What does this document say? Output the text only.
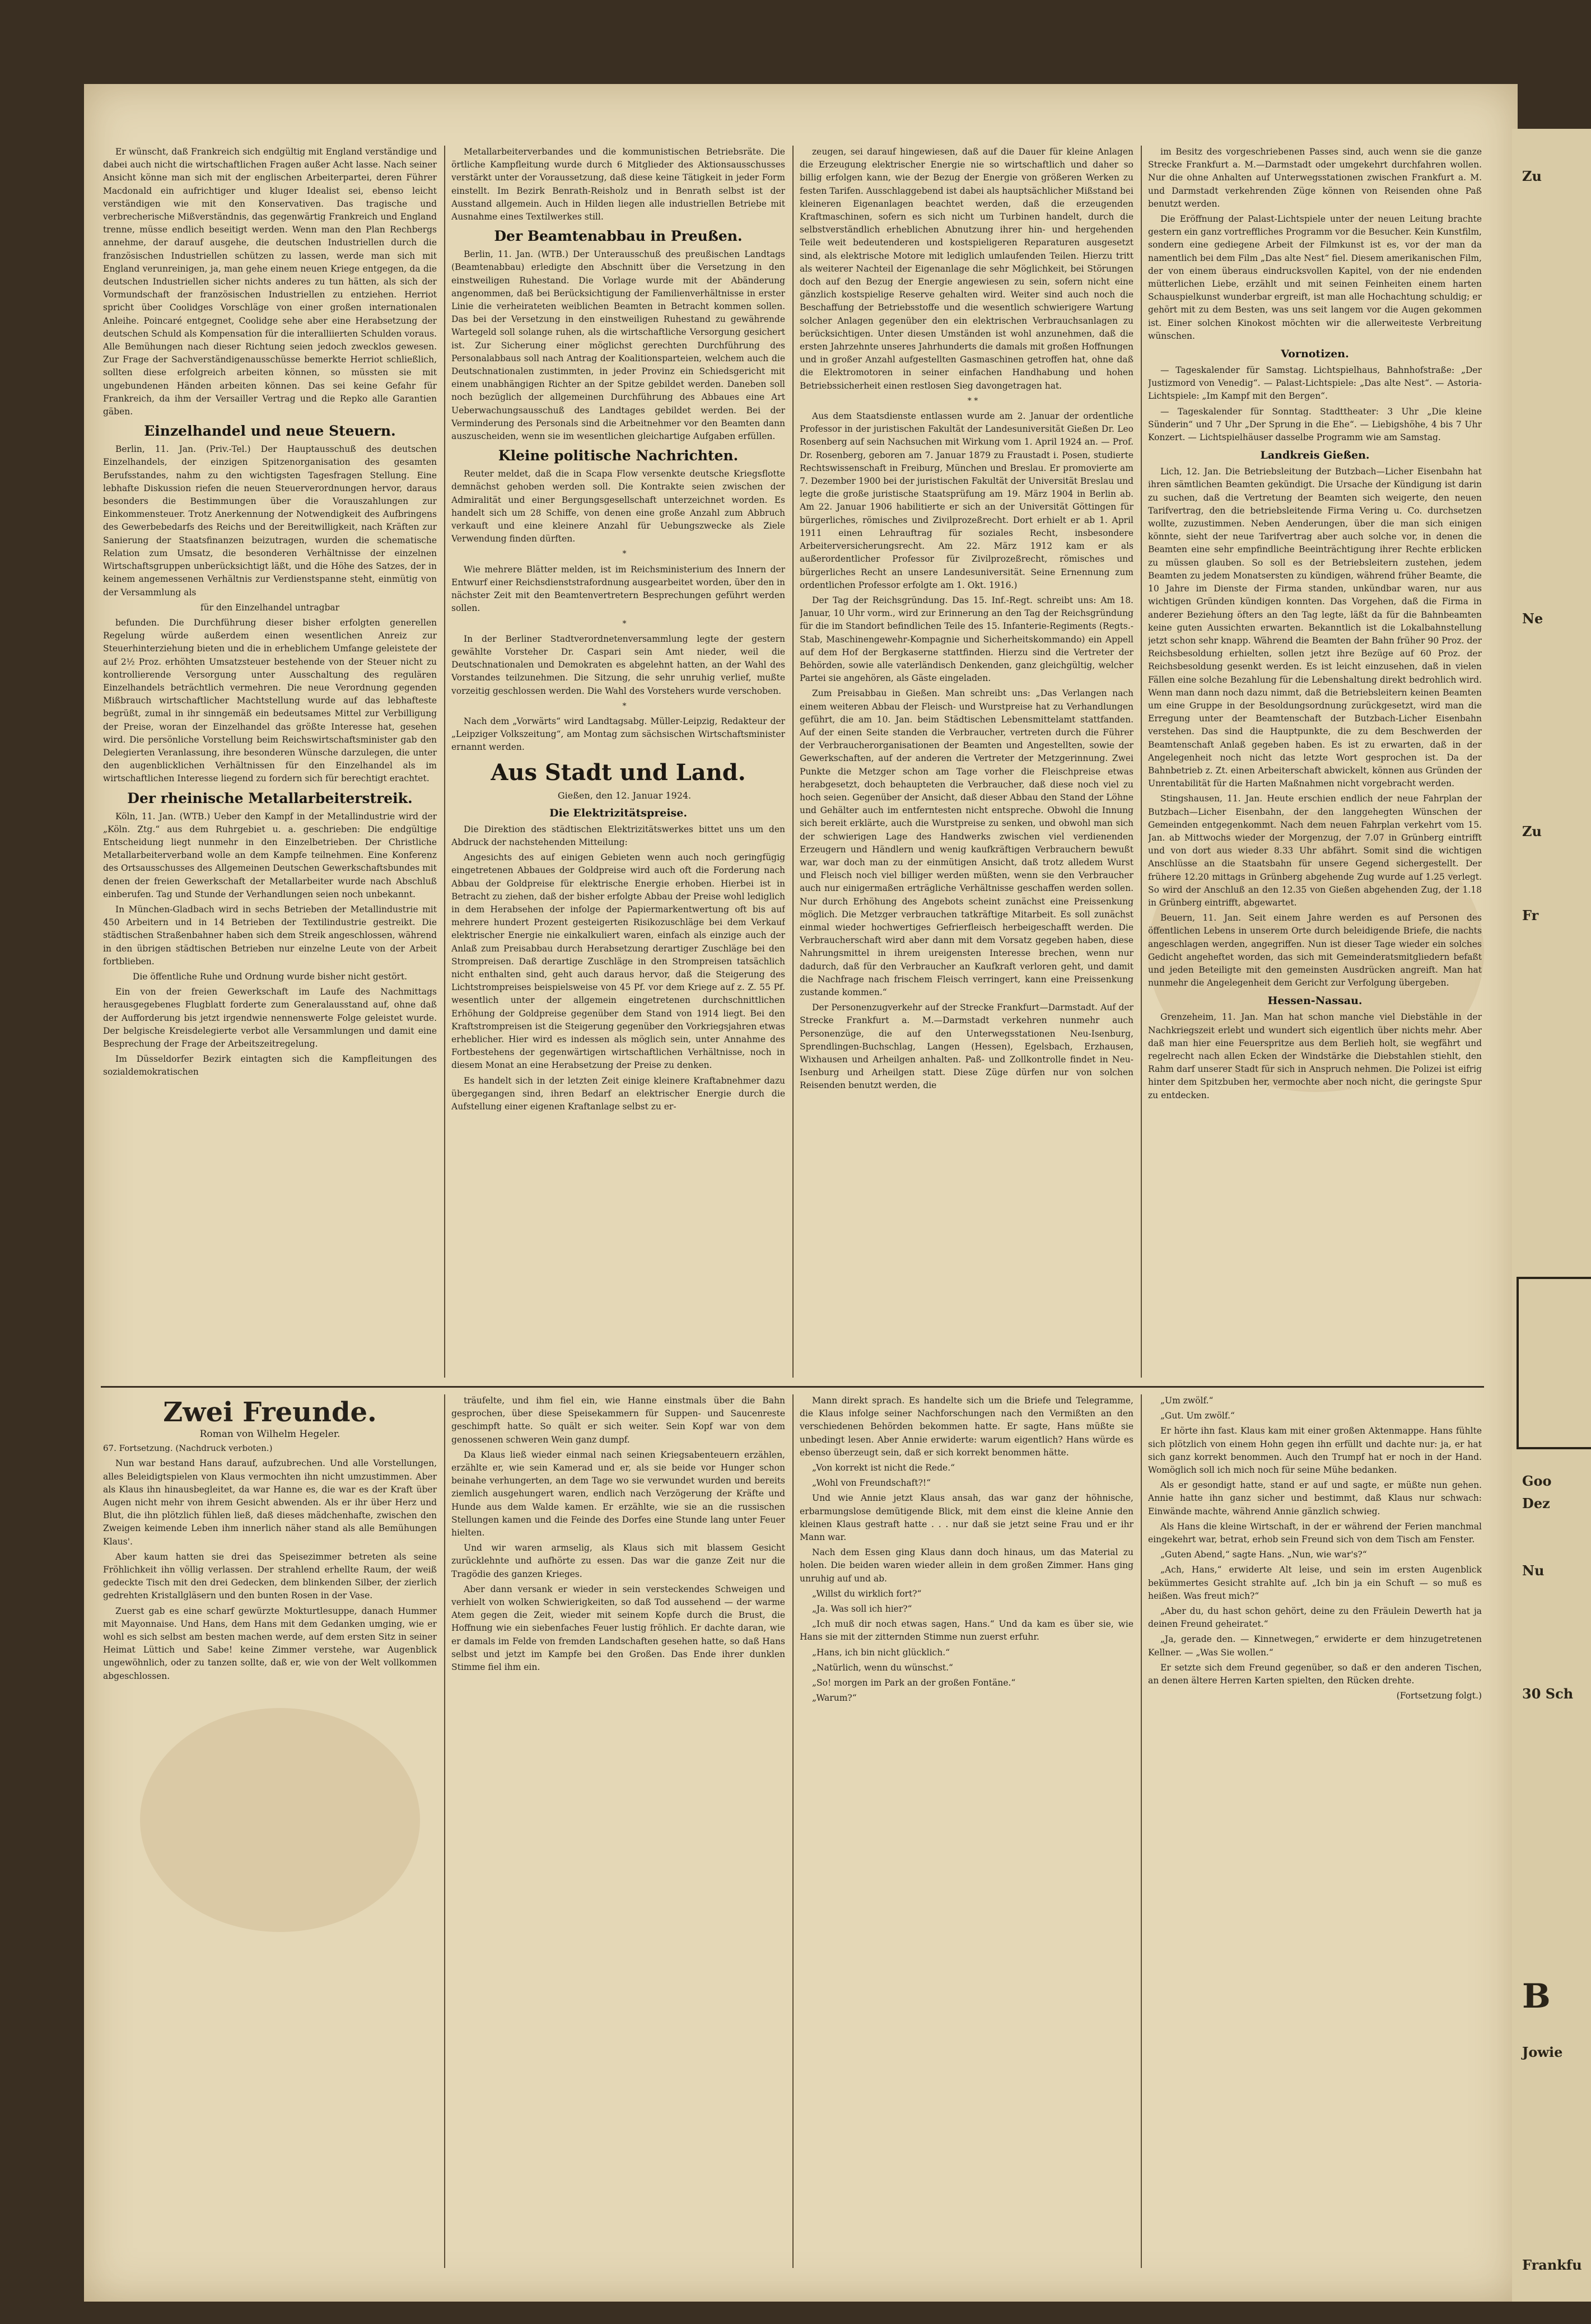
Er wünscht, daß Frankreich sich endgültig mit England verständige und dabei auch nicht die wirtschaftlichen Fragen außer Acht lasse. Nach seiner Ansicht könne man sich mit der englischen Arbeiterpartei, deren Führer Macdonald ein aufrichtiger und kluger Idealist sei, ebenso leicht verständigen wie mit den Konservativen. Das tragische und verbrecherische Mißverständnis, das gegenwärtig Frankreich und England trenne, müsse endlich beseitigt werden. Wenn man den Plan Rechbergs annehme, der darauf ausgehe, die deutschen Industriellen durch die französischen Industriellen schützen zu lassen, werde man sich mit England verunreinigen, ja, man gehe einem neuen Kriege entgegen, da die deutschen Industriellen sicher nichts anderes zu tun hätten, als sich der Vormundschaft der französischen Industriellen zu entziehen. Herriot spricht über Coolidges Vorschläge von einer großen internationalen Anleihe. Poincaré entgegnet, Coolidge sehe aber eine Herabsetzung der deutschen Schuld als Kompensation für die interalliierten Schulden voraus. Alle Bemühungen nach dieser Richtung seien jedoch zwecklos gewesen. Zur Frage der Sachverständigenausschüsse bemerkte Herriot schließlich, sollten diese erfolgreich arbeiten können, so müssten sie mit ungebundenen Händen arbeiten können. Das sei keine Gefahr für Frankreich, da ihm der Versailler Vertrag und die Repko alle Garantien gäben.

Einzelhandel und neue Steuern.

Berlin, 11. Jan. (Priv.-Tel.) Der Hauptausschuß des deutschen Einzelhandels, der einzigen Spitzenorganisation des gesamten Berufsstandes, nahm zu den wichtigsten Tagesfragen Stellung. Eine lebhafte Diskussion riefen die neuen Steuerverordnungen hervor, daraus besonders die Bestimmungen über die Vorauszahlungen zur Einkommensteuer. Trotz Anerkennung der Notwendigkeit des Aufbringens des Gewerbebedarfs des Reichs und der Bereitwilligkeit, nach Kräften zur Sanierung der Staatsfinanzen beizutragen, wurden die schematische Relation zum Umsatz, die besonderen Verhältnisse der einzelnen Wirtschaftsgruppen unberücksichtigt läßt, und die Höhe des Satzes, der in keinem angemessenen Verhältnis zur Verdienstspanne steht, einmütig von der Versammlung als

für den Einzelhandel untragbar

befunden. Die Durchführung dieser bisher erfolgten generellen Regelung würde außerdem einen wesentlichen Anreiz zur Steuerhinterziehung bieten und die in erheblichem Umfange geleistete der auf 2½ Proz. erhöhten Umsatzsteuer bestehende von der Steuer nicht zu kontrollierende Versorgung unter Ausschaltung des regulären Einzelhandels beträchtlich vermehren. Die neue Verordnung gegenden Mißbrauch wirtschaftlicher Machtstellung wurde auf das lebhafteste begrüßt, zumal in ihr sinngemäß ein bedeutsames Mittel zur Verbilligung der Preise, woran der Einzelhandel das größte Interesse hat, gesehen wird. Die persönliche Vorstellung beim Reichswirtschaftsminister gab den Delegierten Veranlassung, ihre besonderen Wünsche darzulegen, die unter den augenblicklichen Verhältnissen für den Einzelhandel als im wirtschaftlichen Interesse liegend zu fordern sich für berechtigt erachtet.

Der rheinische Metallarbeiterstreik.

Köln, 11. Jan. (WTB.) Ueber den Kampf in der Metallindustrie wird der „Köln. Ztg.“ aus dem Ruhrgebiet u. a. geschrieben: Die endgültige Entscheidung liegt nunmehr in den Einzelbetrieben. Der Christliche Metallarbeiterverband wolle an dem Kampfe teilnehmen. Eine Konferenz des Ortsausschusses des Allgemeinen Deutschen Gewerkschaftsbundes mit denen der freien Gewerkschaft der Metallarbeiter wurde nach Abschluß einberufen. Tag und Stunde der Verhandlungen seien noch unbekannt.

In München-Gladbach wird in sechs Betrieben der Metallindustrie mit 450 Arbeitern und in 14 Betrieben der Textilindustrie gestreikt. Die städtischen Straßenbahner haben sich dem Streik angeschlossen, während in den übrigen städtischen Betrieben nur einzelne Leute von der Arbeit fortblieben.

Die öffentliche Ruhe und Ordnung wurde bisher nicht gestört.

Ein von der freien Gewerkschaft im Laufe des Nachmittags herausgegebenes Flugblatt forderte zum Generalausstand auf, ohne daß der Aufforderung bis jetzt irgendwie nennenswerte Folge geleistet wurde. Der belgische Kreisdelegierte verbot alle Versammlungen und damit eine Besprechung der Frage der Arbeitszeitregelung.

Im Düsseldorfer Bezirk eintagten sich die Kampfleitungen des sozialdemokratischen

Metallarbeiterverbandes und die kommunistischen Betriebsräte. Die örtliche Kampfleitung wurde durch 6 Mitglieder des Aktionsausschusses verstärkt unter der Voraussetzung, daß diese keine Tätigkeit in jeder Form einstellt. Im Bezirk Benrath-Reisholz und in Benrath selbst ist der Ausstand allgemein. Auch in Hilden liegen alle industriellen Betriebe mit Ausnahme eines Textilwerkes still.

Der Beamtenabbau in Preußen.

Berlin, 11. Jan. (WTB.) Der Unterausschuß des preußischen Landtags (Beamtenabbau) erledigte den Abschnitt über die Versetzung in den einstweiligen Ruhestand. Die Vorlage wurde mit der Abänderung angenommen, daß bei Berücksichtigung der Familienverhältnisse in erster Linie die verheirateten weiblichen Beamten in Betracht kommen sollen. Das bei der Versetzung in den einstweiligen Ruhestand zu gewährende Wartegeld soll solange ruhen, als die wirtschaftliche Versorgung gesichert ist. Zur Sicherung einer möglichst gerechten Durchführung des Personalabbaus soll nach Antrag der Koalitionsparteien, welchem auch die Deutschnationalen zustimmten, in jeder Provinz ein Schiedsgericht mit einem unabhängigen Richter an der Spitze gebildet werden. Daneben soll noch bezüglich der allgemeinen Durchführung des Abbaues eine Art Ueberwachungsausschuß des Landtages gebildet werden. Bei der Verminderung des Personals sind die Arbeitnehmer vor den Beamten dann auszuscheiden, wenn sie im wesentlichen gleichartige Aufgaben erfüllen.

Kleine politische Nachrichten.

Reuter meldet, daß die in Scapa Flow versenkte deutsche Kriegsflotte demnächst gehoben werden soll. Die Kontrakte seien zwischen der Admiralität und einer Bergungsgesellschaft unterzeichnet worden. Es handelt sich um 28 Schiffe, von denen eine große Anzahl zum Abbruch verkauft und eine kleinere Anzahl für Uebungszwecke als Ziele Verwendung finden dürften.

*

Wie mehrere Blätter melden, ist im Reichsministerium des Innern der Entwurf einer Reichsdienststrafordnung ausgearbeitet worden, über den in nächster Zeit mit den Beamtenvertretern Besprechungen geführt werden sollen.

*

In der Berliner Stadtverordnetenversammlung legte der gestern gewählte Vorsteher Dr. Caspari sein Amt nieder, weil die Deutschnationalen und Demokraten es abgelehnt hatten, an der Wahl des Vorstandes teilzunehmen. Die Sitzung, die sehr unruhig verlief, mußte vorzeitig geschlossen werden. Die Wahl des Vorstehers wurde verschoben.

*

Nach dem „Vorwärts“ wird Landtagsabg. Müller-Leipzig, Redakteur der „Leipziger Volkszeitung“, am Montag zum sächsischen Wirtschaftsminister ernannt werden.

Aus Stadt und Land.

Gießen, den 12. Januar 1924.

Die Elektrizitätspreise.

Die Direktion des städtischen Elektrizitätswerkes bittet uns um den Abdruck der nachstehenden Mitteilung:

Angesichts des auf einigen Gebieten wenn auch noch geringfügig eingetretenen Abbaues der Goldpreise wird auch oft die Forderung nach Abbau der Goldpreise für elektrische Energie erhoben. Hierbei ist in Betracht zu ziehen, daß der bisher erfolgte Abbau der Preise wohl lediglich in dem Herabsehen der infolge der Papiermarkentwertung oft bis auf mehrere hundert Prozent gesteigerten Risikozuschläge bei dem Verkauf elektrischer Energie nie einkalkuliert waren, einfach als einzige auch der Anlaß zum Preisabbau durch Herabsetzung derartiger Zuschläge bei den Strompreisen. Daß derartige Zuschläge in den Strompreisen tatsächlich nicht enthalten sind, geht auch daraus hervor, daß die Steigerung des Lichtstrompreises beispielsweise von 45 Pf. vor dem Kriege auf z. Z. 55 Pf. wesentlich unter der allgemein eingetretenen durchschnittlichen Erhöhung der Goldpreise gegenüber dem Stand von 1914 liegt. Bei den Kraftstrompreisen ist die Steigerung gegenüber den Vorkriegsjahren etwas erheblicher. Hier wird es indessen als möglich sein, unter Annahme des Fortbestehens der gegenwärtigen wirtschaftlichen Verhältnisse, noch in diesem Monat an eine Herabsetzung der Preise zu denken.

Es handelt sich in der letzten Zeit einige kleinere Kraftabnehmer dazu übergegangen sind, ihren Bedarf an elektrischer Energie durch die Aufstellung einer eigenen Kraftanlage selbst zu er-

zeugen, sei darauf hingewiesen, daß auf die Dauer für kleine Anlagen die Erzeugung elektrischer Energie nie so wirtschaftlich und daher so billig erfolgen kann, wie der Bezug der Energie von größeren Werken zu festen Tarifen. Ausschlaggebend ist dabei als hauptsächlicher Mißstand bei kleineren Eigenanlagen beachtet werden, daß die erzeugenden Kraftmaschinen, sofern es sich nicht um Turbinen handelt, durch die selbstverständlich erheblichen Abnutzung ihrer hin- und hergehenden Teile weit bedeutenderen und kostspieligeren Reparaturen ausgesetzt sind, als elektrische Motore mit lediglich umlaufenden Teilen. Hierzu tritt als weiterer Nachteil der Eigenanlage die sehr Möglichkeit, bei Störungen doch auf den Bezug der Energie angewiesen zu sein, sofern nicht eine gänzlich kostspielige Reserve gehalten wird. Weiter sind auch noch die Beschaffung der Betriebsstoffe und die wesentlich schwierigere Wartung solcher Anlagen gegenüber den ein elektrischen Verbrauchsanlagen zu berücksichtigen. Unter diesen Umständen ist wohl anzunehmen, daß die ersten Jahrzehnte unseres Jahrhunderts die damals mit großen Hoffnungen und in großer Anzahl aufgestellten Gasmaschinen getroffen hat, ohne daß die Elektromotoren in seiner einfachen Handhabung und hohen Betriebssicherheit einen restlosen Sieg davongetragen hat.

* *

Aus dem Staatsdienste entlassen wurde am 2. Januar der ordentliche Professor in der juristischen Fakultät der Landesuniversität Gießen Dr. Leo Rosenberg auf sein Nachsuchen mit Wirkung vom 1. April 1924 an. — Prof. Dr. Rosenberg, geboren am 7. Januar 1879 zu Fraustadt i. Posen, studierte Rechtswissenschaft in Freiburg, München und Breslau. Er promovierte am 7. Dezember 1900 bei der juristischen Fakultät der Universität Breslau und legte die große juristische Staatsprüfung am 19. März 1904 in Berlin ab. Am 22. Januar 1906 habilitierte er sich an der Universität Göttingen für bürgerliches, römisches und Zivilprozeßrecht. Dort erhielt er ab 1. April 1911 einen Lehrauftrag für soziales Recht, insbesondere Arbeiterversicherungsrecht. Am 22. März 1912 kam er als außerordentlicher Professor für Zivilprozeßrecht, römisches und bürgerliches Recht an unsere Landesuniversität. Seine Ernennung zum ordentlichen Professor erfolgte am 1. Okt. 1916.)

Der Tag der Reichsgründung. Das 15. Inf.-Regt. schreibt uns: Am 18. Januar, 10 Uhr vorm., wird zur Erinnerung an den Tag der Reichsgründung für die im Standort befindlichen Teile des 15. Infanterie-Regiments (Regts.-Stab, Maschinengewehr-Kompagnie und Sicherheitskommando) ein Appell auf dem Hof der Bergkaserne stattfinden. Hierzu sind die Vertreter der Behörden, sowie alle vaterländisch Denkenden, ganz gleichgültig, welcher Partei sie angehören, als Gäste eingeladen.

Zum Preisabbau in Gießen. Man schreibt uns: „Das Verlangen nach einem weiteren Abbau der Fleisch- und Wurstpreise hat zu Verhandlungen geführt, die am 10. Jan. beim Städtischen Lebensmittelamt stattfanden. Auf der einen Seite standen die Verbraucher, vertreten durch die Führer der Verbraucherorganisationen der Beamten und Angestellten, sowie der Gewerkschaften, auf der anderen die Vertreter der Metzgerinnung. Zwei Punkte die Metzger schon am Tage vorher die Fleischpreise etwas herabgesetzt, doch behaupteten die Verbraucher, daß diese noch viel zu hoch seien. Gegenüber der Ansicht, daß dieser Abbau den Stand der Löhne und Gehälter auch im entferntesten nicht entspreche. Obwohl die Innung sich bereit erklärte, auch die Wurstpreise zu senken, und obwohl man sich der schwierigen Lage des Handwerks zwischen viel verdienenden Erzeugern und Händlern und wenig kaufkräftigen Verbrauchern bewußt war, war doch man zu der einmütigen Ansicht, daß trotz alledem Wurst und Fleisch noch viel billiger werden müßten, wenn sie den Verbraucher auch nur einigermaßen erträgliche Verhältnisse geschaffen werden sollen. Nur durch Erhöhung des Angebots scheint zunächst eine Preissenkung möglich. Die Metzger verbrauchen tatkräftige Mitarbeit. Es soll zunächst einmal wieder hochwertiges Gefrierfleisch herbeigeschafft werden. Die Verbraucherschaft wird aber dann mit dem Vorsatz gegeben haben, diese Nahrungsmittel in ihrem ureigensten Interesse brechen, wenn nur dadurch, daß für den Verbraucher an Kaufkraft verloren geht, und damit die Nachfrage nach frischem Fleisch verringert, kann eine Preissenkung zustande kommen.“

Der Personenzugverkehr auf der Strecke Frankfurt—Darmstadt. Auf der Strecke Frankfurt a. M.—Darmstadt verkehren nunmehr auch Personenzüge, die auf den Unterwegsstationen Neu-Isenburg, Sprendlingen-Buchschlag, Langen (Hessen), Egelsbach, Erzhausen, Wixhausen und Arheilgen anhalten. Paß- und Zollkontrolle findet in Neu-Isenburg und Arheilgen statt. Diese Züge dürfen nur von solchen Reisenden benutzt werden, die

im Besitz des vorgeschriebenen Passes sind, auch wenn sie die ganze Strecke Frankfurt a. M.—Darmstadt oder umgekehrt durchfahren wollen. Nur die ohne Anhalten auf Unterwegsstationen zwischen Frankfurt a. M. und Darmstadt verkehrenden Züge können von Reisenden ohne Paß benutzt werden.

Die Eröffnung der Palast-Lichtspiele unter der neuen Leitung brachte gestern ein ganz vortreffliches Programm vor die Besucher. Kein Kunstfilm, sondern eine gediegene Arbeit der Filmkunst ist es, vor der man da namentlich bei dem Film „Das alte Nest“ fiel. Diesem amerikanischen Film, der von einem überaus eindrucksvollen Kapitel, von der nie endenden mütterlichen Liebe, erzählt und mit seinen Feinheiten einem harten Schauspielkunst wunderbar ergreift, ist man alle Hochachtung schuldig; er gehört mit zu dem Besten, was uns seit langem vor die Augen gekommen ist. Einer solchen Kinokost möchten wir die allerweiteste Verbreitung wünschen.

Vornotizen.

— Tageskalender für Samstag. Lichtspielhaus, Bahnhofstraße: „Der Justizmord von Venedig“. — Palast-Lichtspiele: „Das alte Nest“. — Astoria-Lichtspiele: „Im Kampf mit den Bergen“.

— Tageskalender für Sonntag. Stadttheater: 3 Uhr „Die kleine Sünderin“ und 7 Uhr „Der Sprung in die Ehe“. — Liebigshöhe, 4 bis 7 Uhr Konzert. — Lichtspielhäuser dasselbe Programm wie am Samstag.

Landkreis Gießen.

Lich, 12. Jan. Die Betriebsleitung der Butzbach—Licher Eisenbahn hat ihren sämtlichen Beamten gekündigt. Die Ursache der Kündigung ist darin zu suchen, daß die Vertretung der Beamten sich weigerte, den neuen Tarifvertrag, den die betriebsleitende Firma Vering u. Co. durchsetzen wollte, zuzustimmen. Neben Aenderungen, über die man sich einigen könnte, sieht der neue Tarifvertrag aber auch solche vor, in denen die Beamten eine sehr empfindliche Beeinträchtigung ihrer Rechte erblicken zu müssen glauben. So soll es der Betriebsleitern zustehen, jedem Beamten zu jedem Monatsersten zu kündigen, während früher Beamte, die 10 Jahre im Dienste der Firma standen, unkündbar waren, nur aus wichtigen Gründen kündigen konnten. Das Vorgehen, daß die Firma in anderer Beziehung öfters an den Tag legte, läßt da für die Bahnbeamten keine guten Aussichten erwarten. Bekanntlich ist die Lokalbahnstellung jetzt schon sehr knapp. Während die Beamten der Bahn früher 90 Proz. der Reichsbesoldung erhielten, sollen jetzt ihre Bezüge auf 60 Proz. der Reichsbesoldung gesenkt werden. Es ist leicht einzusehen, daß in vielen Fällen eine solche Bezahlung für die Lebenshaltung direkt bedrohlich wird. Wenn man dann noch dazu nimmt, daß die Betriebsleitern keinen Beamten um eine Gruppe in der Besoldungsordnung zurückgesetzt, wird man die Erregung unter der Beamtenschaft der Butzbach-Licher Eisenbahn verstehen. Das sind die Hauptpunkte, die zu dem Beschwerden der Beamtenschaft Anlaß gegeben haben. Es ist zu erwarten, daß in der Angelegenheit noch nicht das letzte Wort gesprochen ist. Da der Bahnbetrieb z. Zt. einen Arbeiterschaft abwickelt, können aus Gründen der Unrentabilität für die Harten Maßnahmen nicht vorgebracht werden.

Stingshausen, 11. Jan. Heute erschien endlich der neue Fahrplan der Butzbach—Licher Eisenbahn, der den langgehegten Wünschen der Gemeinden entgegenkommt. Nach dem neuen Fahrplan verkehrt vom 15. Jan. ab Mittwochs wieder der Morgenzug, der 7.07 in Grünberg eintrifft und von dort aus wieder 8.33 Uhr abfährt. Somit sind die wichtigen Anschlüsse an die Staatsbahn für unsere Gegend sichergestellt. Der frühere 12.20 mittags in Grünberg abgehende Zug wurde auf 1.25 verlegt. So wird der Anschluß an den 12.35 von Gießen abgehenden Zug, der 1.18 in Grünberg eintrifft, abgewartet.

Beuern, 11. Jan. Seit einem Jahre werden es auf Personen des öffentlichen Lebens in unserem Orte durch beleidigende Briefe, die nachts angeschlagen werden, angegriffen. Nun ist dieser Tage wieder ein solches Gedicht angeheftet worden, das sich mit Gemeinderatsmitgliedern befaßt und jeden Beteiligte mit den gemeinsten Ausdrücken angreift. Man hat nunmehr die Angelegenheit dem Gericht zur Verfolgung übergeben.

Hessen-Nassau.

Grenzeheim, 11. Jan. Man hat schon manche viel Diebstähle in der Nachkriegszeit erlebt und wundert sich eigentlich über nichts mehr. Aber daß man hier eine Feuerspritze aus dem Berlieh holt, sie wegfährt und regelrecht nach allen Ecken der Windstärke die Diebstahlen stiehlt, den Rahm darf unserer Stadt für sich in Anspruch nehmen. Die Polizei ist eifrig hinter dem Spitzbuben her, vermochte aber noch nicht, die geringste Spur zu entdecken.

Zwei Freunde.

Roman von Wilhelm Hegeler.

67. Fortsetzung. (Nachdruck verboten.)

Nun war bestand Hans darauf, aufzubrechen. Und alle Vorstellungen, alles Beleidigtspielen von Klaus vermochten ihn nicht umzustimmen. Aber als Klaus ihn hinausbegleitet, da war Hanne es, die war es der Kraft über Augen nicht mehr von ihrem Gesicht abwenden. Als er ihr über Herz und Blut, die ihn plötzlich fühlen ließ, daß dieses mädchenhafte, zwischen den Zweigen keimende Leben ihm innerlich näher stand als alle Bemühungen Klaus'.

Aber kaum hatten sie drei das Speisezimmer betreten als seine Fröhlichkeit ihn völlig verlassen. Der strahlend erhellte Raum, der weiß gedeckte Tisch mit den drei Gedecken, dem blinkenden Silber, der zierlich gedrehten Kristallgläsern und den bunten Rosen in der Vase.

Zuerst gab es eine scharf gewürzte Mokturtlesuppe, danach Hummer mit Mayonnaise. Und Hans, dem Hans mit dem Gedanken umging, wie er wohl es sich selbst am besten machen werde, auf dem ersten Sitz in seiner Heimat Lüttich und Sabe! keine Zimmer verstehe, war Augenblick ungewöhnlich, oder zu tanzen sollte, daß er, wie von der Welt vollkommen abgeschlossen.

träufelte, und ihm fiel ein, wie Hanne einstmals über die Bahn gesprochen, über diese Speisekammern für Suppen- und Saucenreste geschimpft hatte. So quält er sich weiter. Sein Kopf war von dem genossenen schweren Wein ganz dumpf.

Da Klaus ließ wieder einmal nach seinen Kriegsabenteuern erzählen, erzählte er, wie sein Kamerad und er, als sie beide vor Hunger schon beinahe verhungerten, an dem Tage wo sie verwundet wurden und bereits ziemlich ausgehungert waren, endlich nach Verzögerung der Kräfte und Hunde aus dem Walde kamen. Er erzählte, wie sie an die russischen Stellungen kamen und die Feinde des Dorfes eine Stunde lang unter Feuer hielten.

Und wir waren armselig, als Klaus sich mit blassem Gesicht zurücklehnte und aufhörte zu essen. Das war die ganze Zeit nur die Tragödie des ganzen Krieges.

Aber dann versank er wieder in sein versteckendes Schweigen und verhielt von wolken Schwierigkeiten, so daß Tod aussehend — der warme Atem gegen die Zeit, wieder mit seinem Kopfe durch die Brust, die Hoffnung wie ein siebenfaches Feuer lustig fröhlich. Er dachte daran, wie er damals im Felde von fremden Landschaften gesehen hatte, so daß Hans selbst und jetzt im Kampfe bei den Großen. Das Ende ihrer dunklen Stimme fiel ihm ein.

Mann direkt sprach. Es handelte sich um die Briefe und Telegramme, die Klaus infolge seiner Nachforschungen nach den Vermißten an den verschiedenen Behörden bekommen hatte. Er sagte, Hans müßte sie unbedingt lesen. Aber Annie erwiderte: warum eigentlich? Hans würde es ebenso überzeugt sein, daß er sich korrekt benommen hätte.

„Von korrekt ist nicht die Rede.“

„Wohl von Freundschaft?!“

Und wie Annie jetzt Klaus ansah, das war ganz der höhnische, erbarmungslose demütigende Blick, mit dem einst die kleine Annie den kleinen Klaus gestraft hatte . . . nur daß sie jetzt seine Frau und er ihr Mann war.

Nach dem Essen ging Klaus dann doch hinaus, um das Material zu holen. Die beiden waren wieder allein in dem großen Zimmer. Hans ging unruhig auf und ab.

„Willst du wirklich fort?“

„Ja. Was soll ich hier?“

„Ich muß dir noch etwas sagen, Hans.“ Und da kam es über sie, wie Hans sie mit der zitternden Stimme nun zuerst erfuhr.

„Hans, ich bin nicht glücklich.“

„Natürlich, wenn du wünschst.“

„So! morgen im Park an der großen Fontäne.“

„Warum?“

„Um zwölf.“

„Gut. Um zwölf.“

Er hörte ihn fast. Klaus kam mit einer großen Aktenmappe. Hans fühlte sich plötzlich von einem Hohn gegen ihn erfüllt und dachte nur: ja, er hat sich ganz korrekt benommen. Auch den Trumpf hat er noch in der Hand. Womöglich soll ich mich noch für seine Mühe bedanken.

Als er gesondigt hatte, stand er auf und sagte, er müßte nun gehen. Annie hatte ihn ganz sicher und bestimmt, daß Klaus nur schwach: Einwände machte, während Annie gänzlich schwieg.

Als Hans die kleine Wirtschaft, in der er während der Ferien manchmal eingekehrt war, betrat, erhob sein Freund sich von dem Tisch am Fenster.

„Guten Abend,“ sagte Hans. „Nun, wie war's?“

„Ach, Hans,“ erwiderte Alt leise, und sein im ersten Augenblick bekümmertes Gesicht strahlte auf. „Ich bin ja ein Schuft — so muß es heißen. Was freut mich?“

„Aber du, du hast schon gehört, deine zu den Fräulein Dewerth hat ja deinen Freund geheiratet.“

„Ja, gerade den. — Kinnetwegen,“ erwiderte er dem hinzugetretenen Kellner. — „Was Sie wollen.“

Er setzte sich dem Freund gegenüber, so daß er den anderen Tischen, an denen ältere Herren Karten spielten, den Rücken drehte.

(Fortsetzung folgt.)

Zu
Ne
Zu
Fr
Goo
Dez
Nu
30 Sch
B
Jowie
Frankfu
